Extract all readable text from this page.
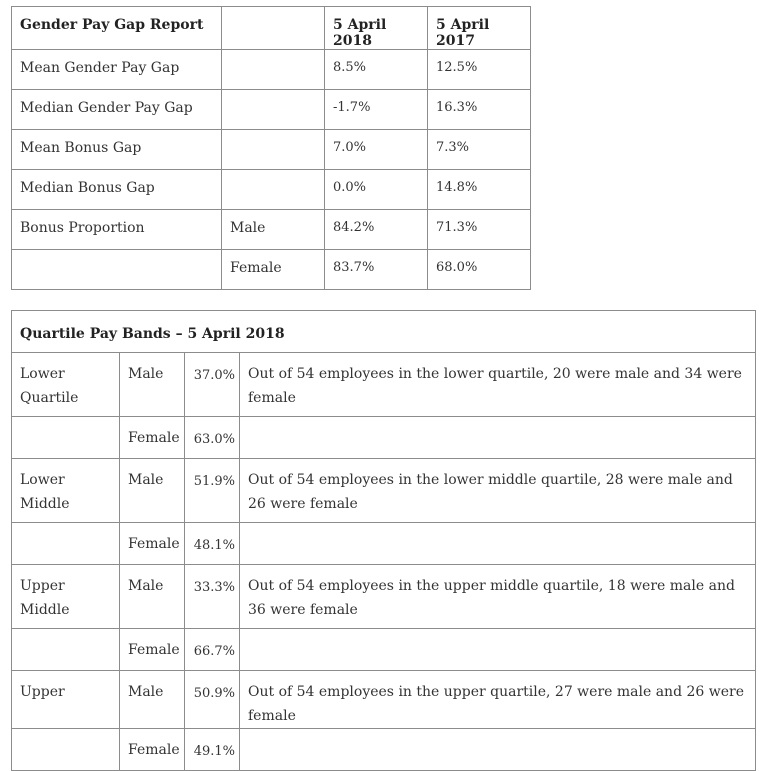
Gender Pay Gap Report		5 April 2018	5 April 2017
Mean Gender Pay Gap		8.5%	12.5%
Median Gender Pay Gap		-1.7%	16.3%
Mean Bonus Gap		7.0%	7.3%
Median Bonus Gap		0.0%	14.8%
Bonus Proportion	Male	84.2%	71.3%
	Female	83.7%	68.0%
Quartile Pay Bands – 5 April 2018			
Lower Quartile	Male	37.0%	Out of 54 employees in the lower quartile, 20 were male and 34 were female
	Female	63.0%	
Lower Middle	Male	51.9%	Out of 54 employees in the lower middle quartile, 28 were male and 26 were female
	Female	48.1%	
Upper Middle	Male	33.3%	Out of 54 employees in the upper middle quartile, 18 were male and 36 were female
	Female	66.7%	
Upper	Male	50.9%	Out of 54 employees in the upper quartile, 27 were male and 26 were female
	Female	49.1%	
